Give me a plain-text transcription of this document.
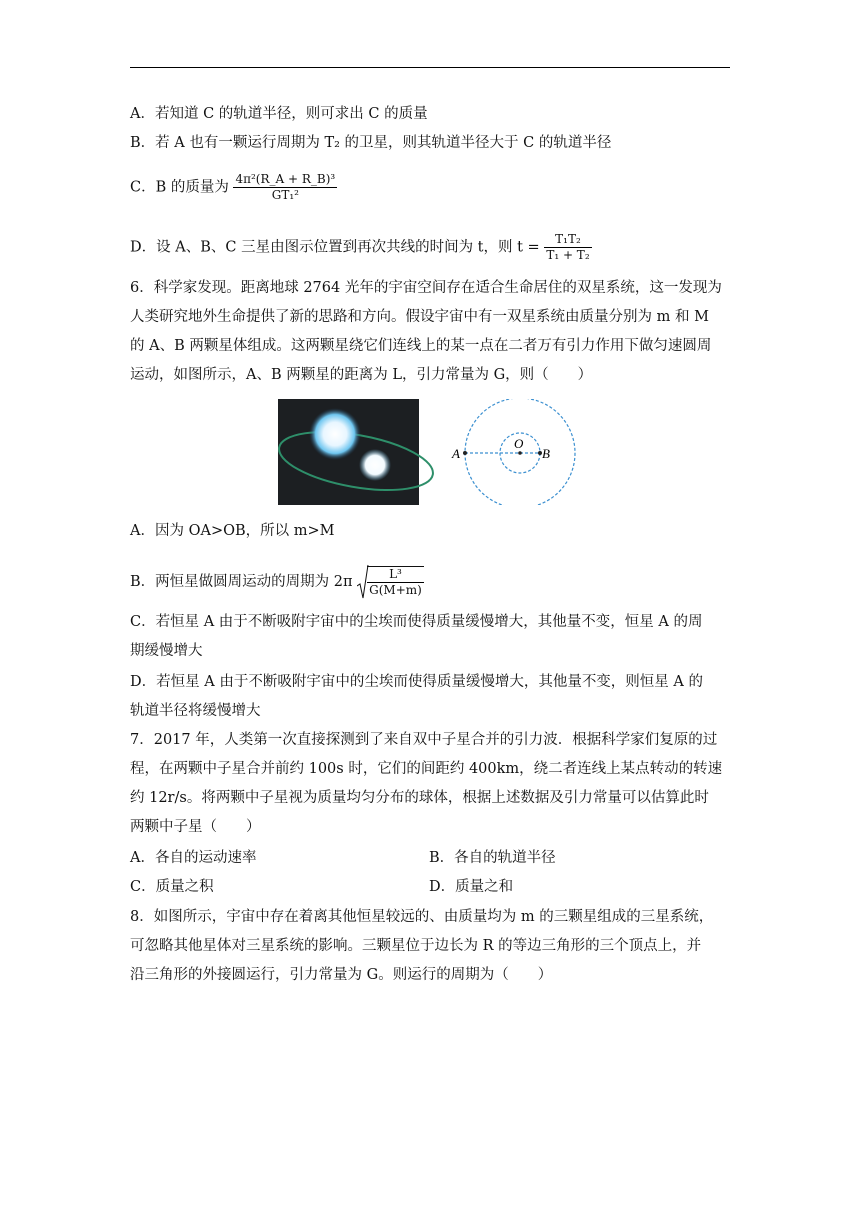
A．若知道 C 的轨道半径，则可求出 C 的质量
B．若 A 也有一颗运行周期为 T₂ 的卫星，则其轨道半径大于 C 的轨道半径
C．B 的质量为 $\frac{\text{4π²(R\_A + R\_B)³}}{\text{GT₁²}}$
D．设 A、B、C 三星由图示位置到再次共线的时间为 t，则 $t = \frac{\text{T₁T₂}}{\text{T₁ + T₂}}$
6．科学家发现。距离地球 2764 光年的宇宙空间存在适合生命居住的双星系统，这一发现为
人类研究地外生命提供了新的思路和方向。假设宇宙中有一双星系统由质量分别为 m 和 M
的 A、B 两颗星体组成。这两颗星绕它们连线上的某一点在二者万有引力作用下做匀速圆周
运动，如图所示，A、B 两颗星的距离为 L，引力常量为 G，则（　　）
A
O
B
A．因为 OA>OB，所以 m>M
B．两恒星做圆周运动的周期为 $2\pi \frac{\text{L³}}{G(M+m)}$
C．若恒星 A 由于不断吸附宇宙中的尘埃而使得质量缓慢增大，其他量不变，恒星 A 的周
期缓慢增大
D．若恒星 A 由于不断吸附宇宙中的尘埃而使得质量缓慢增大，其他量不变，则恒星 A 的
轨道半径将缓慢增大
7．2017 年，人类第一次直接探测到了来自双中子星合并的引力波．根据科学家们复原的过
程，在两颗中子星合并前约 100s 时，它们的间距约 400km，绕二者连线上某点转动的转速
约 12r/s。将两颗中子星视为质量均匀分布的球体，根据上述数据及引力常量可以估算此时
两颗中子星（　　）
A．各自的运动速率	B．各自的轨道半径
C．质量之积	D．质量之和
8．如图所示，宇宙中存在着离其他恒星较远的、由质量均为 m 的三颗星组成的三星系统，
可忽略其他星体对三星系统的影响。三颗星位于边长为 R 的等边三角形的三个顶点上，并
沿三角形的外接圆运行，引力常量为 G。则运行的周期为（　　）
